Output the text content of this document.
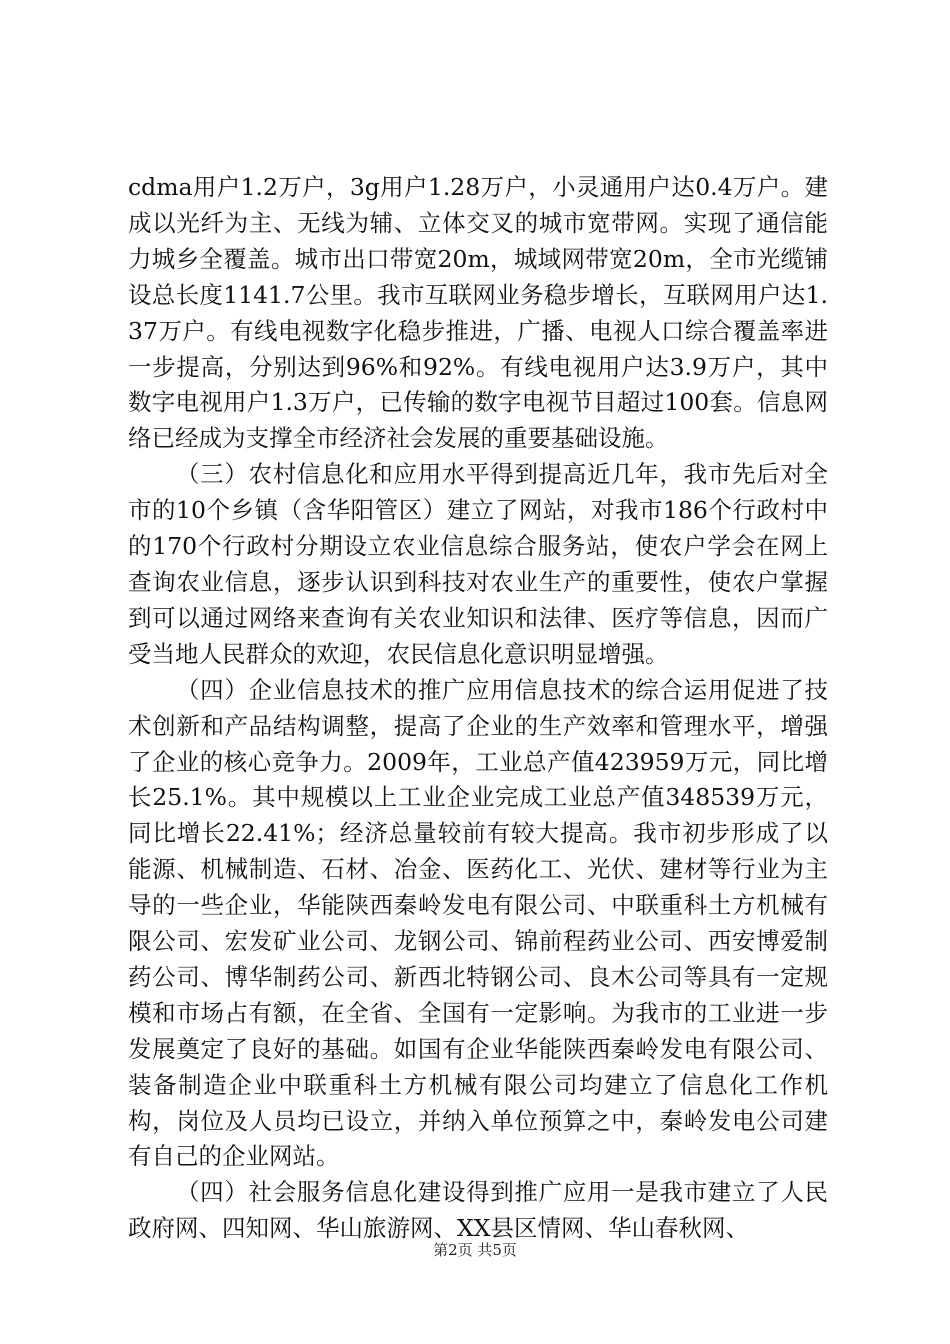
cdma用户1.2万户，3g用户1.28万户，小灵通用户达0.4万户。建成以光纤为主、无线为辅、立体交叉的城市宽带网。实现了通信能力城乡全覆盖。城市出口带宽20m，城域网带宽20m，全市光缆铺设总长度1141.7公里。我市互联网业务稳步增长，互联网用户达1.37万户。有线电视数字化稳步推进，广播、电视人口综合覆盖率进一步提高，分别达到96%和92%。有线电视用户达3.9万户，其中数字电视用户1.3万户，已传输的数字电视节目超过100套。信息网络已经成为支撑全市经济社会发展的重要基础设施。

（三）农村信息化和应用水平得到提高近几年，我市先后对全市的10个乡镇（含华阳管区）建立了网站，对我市186个行政村中的170个行政村分期设立农业信息综合服务站，使农户学会在网上查询农业信息，逐步认识到科技对农业生产的重要性，使农户掌握到可以通过网络来查询有关农业知识和法律、医疗等信息，因而广受当地人民群众的欢迎，农民信息化意识明显增强。

（四）企业信息技术的推广应用信息技术的综合运用促进了技术创新和产品结构调整，提高了企业的生产效率和管理水平，增强了企业的核心竞争力。2009年，工业总产值423959万元，同比增长25.1%。其中规模以上工业企业完成工业总产值348539万元，同比增长22.41%；经济总量较前有较大提高。我市初步形成了以能源、机械制造、石材、冶金、医药化工、光伏、建材等行业为主导的一些企业，华能陕西秦岭发电有限公司、中联重科土方机械有限公司、宏发矿业公司、龙钢公司、锦前程药业公司、西安博爱制药公司、博华制药公司、新西北特钢公司、良木公司等具有一定规模和市场占有额，在全省、全国有一定影响。为我市的工业进一步发展奠定了良好的基础。如国有企业华能陕西秦岭发电有限公司、装备制造企业中联重科土方机械有限公司均建立了信息化工作机构，岗位及人员均已设立，并纳入单位预算之中，秦岭发电公司建有自己的企业网站。

（四）社会服务信息化建设得到推广应用一是我市建立了人民政府网、四知网、华山旅游网、XX县区情网、华山春秋网、

第2页 共5页
